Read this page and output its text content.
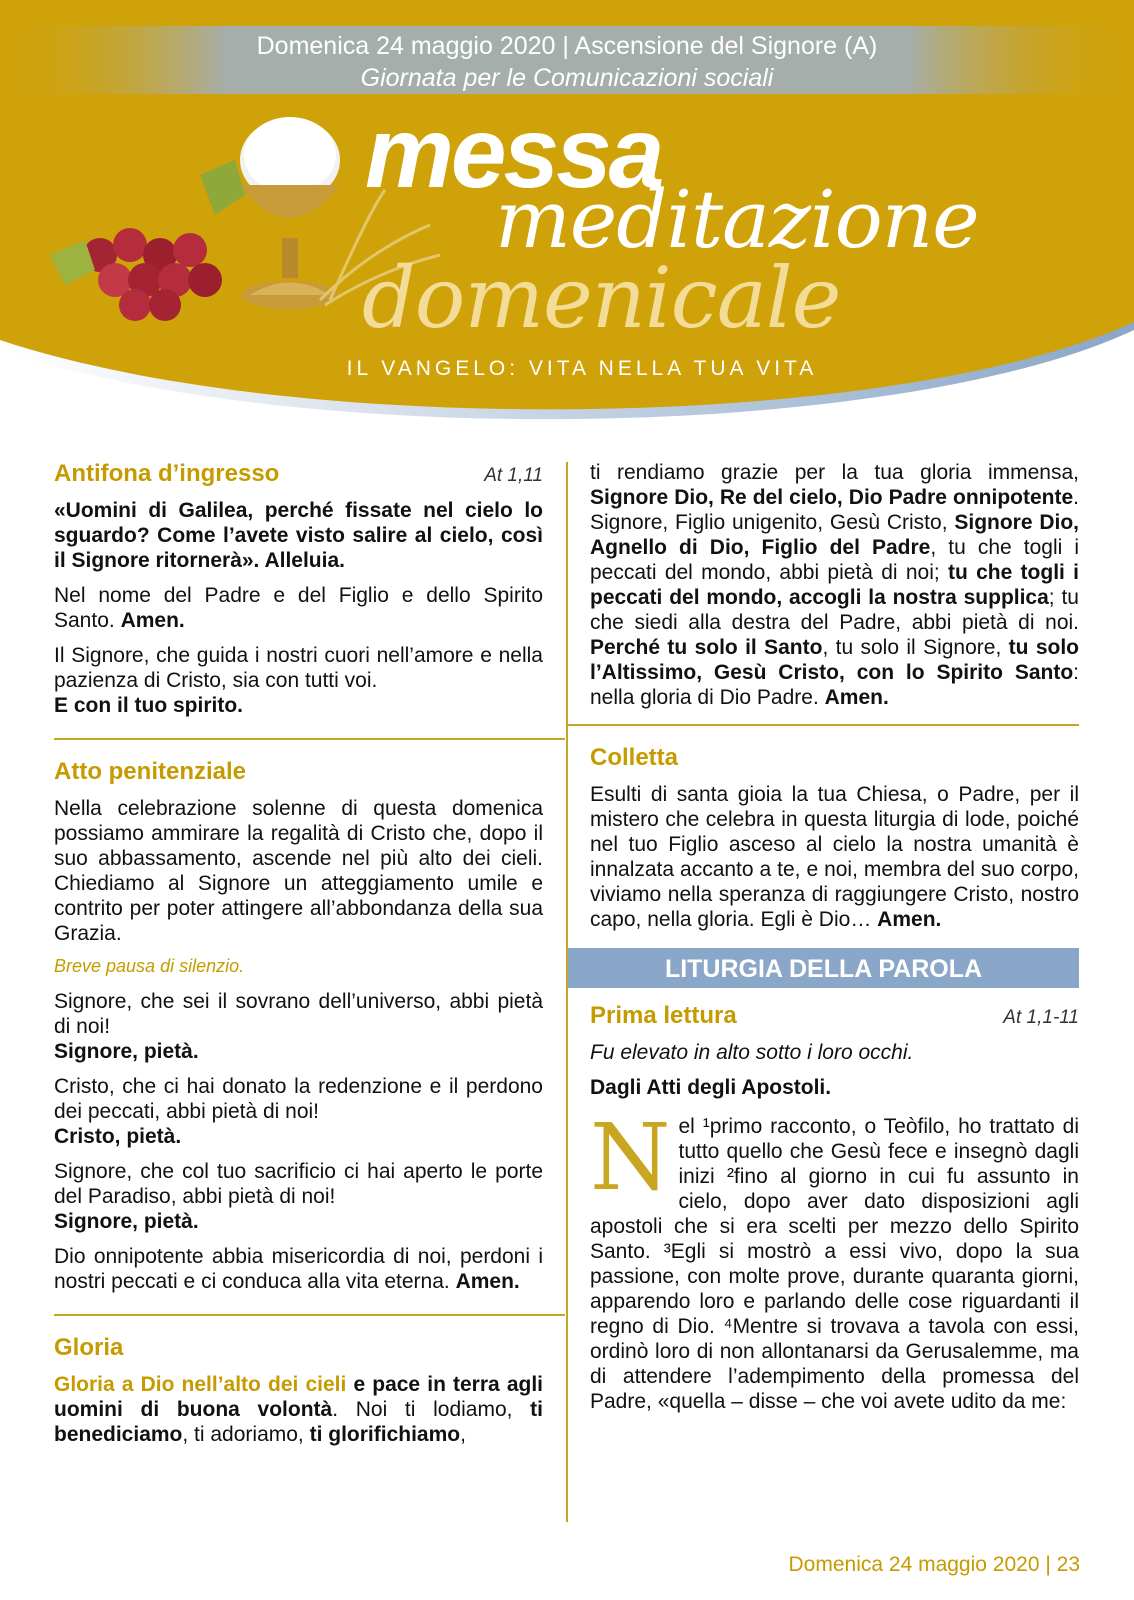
Domenica 24 maggio 2020 | Ascensione del Signore (A)
Giornata per le Comunicazioni sociali
messa
meditazione
domenicale
IL VANGELO: VITA NELLA TUA VITA
Antifona d’ingresso	At 1,11

«Uomini di Galilea, perché fissate nel cielo lo sguardo? Come l’avete visto salire al cielo, così il Signore ritornerà». Alleluia.

Nel nome del Padre e del Figlio e dello Spirito Santo. Amen.

Il Signore, che guida i nostri cuori nell’amore e nella pazienza di Cristo, sia con tutti voi.
E con il tuo spirito.

Atto penitenziale

Nella celebrazione solenne di questa domenica possiamo ammirare la regalità di Cristo che, dopo il suo abbassamento, ascende nel più alto dei cieli. Chiediamo al Signore un atteggiamento umile e contrito per poter attingere all’abbondanza della sua Grazia.

Breve pausa di silenzio.

Signore, che sei il sovrano dell’universo, abbi pietà di noi!
Signore, pietà.

Cristo, che ci hai donato la redenzione e il perdono dei peccati, abbi pietà di noi!
Cristo, pietà.

Signore, che col tuo sacrificio ci hai aperto le porte del Paradiso, abbi pietà di noi!
Signore, pietà.

Dio onnipotente abbia misericordia di noi, perdoni i nostri peccati e ci conduca alla vita eterna. Amen.

Gloria

Gloria a Dio nell’alto dei cieli e pace in terra agli uomini di buona volontà. Noi ti lodiamo, ti benediciamo, ti adoriamo, ti glorifichiamo,

ti rendiamo grazie per la tua gloria immensa, Signore Dio, Re del cielo, Dio Padre onnipotente. Signore, Figlio unigenito, Gesù Cristo, Signore Dio, Agnello di Dio, Figlio del Padre, tu che togli i peccati del mondo, abbi pietà di noi; tu che togli i peccati del mondo, accogli la nostra supplica; tu che siedi alla destra del Padre, abbi pietà di noi. Perché tu solo il Santo, tu solo il Signore, tu solo l’Altissimo, Gesù Cristo, con lo Spirito Santo: nella gloria di Dio Padre. Amen.

Colletta

Esulti di santa gioia la tua Chiesa, o Padre, per il mistero che celebra in questa liturgia di lode, poiché nel tuo Figlio asceso al cielo la nostra umanità è innalzata accanto a te, e noi, membra del suo corpo, viviamo nella speranza di raggiungere Cristo, nostro capo, nella gloria. Egli è Dio… Amen.

LITURGIA DELLA PAROLA
Prima lettura	At 1,1-11

Fu elevato in alto sotto i loro occhi.

Dagli Atti degli Apostoli.

Nel ¹primo racconto, o Teòfilo, ho trattato di tutto quello che Gesù fece e insegnò dagli inizi ²fino al giorno in cui fu assunto in cielo, dopo aver dato disposizioni agli apostoli che si era scelti per mezzo dello Spirito Santo. ³Egli si mostrò a essi vivo, dopo la sua passione, con molte prove, durante quaranta giorni, apparendo loro e parlando delle cose riguardanti il regno di Dio. ⁴Mentre si trovava a tavola con essi, ordinò loro di non allontanarsi da Gerusalemme, ma di attendere l’adempimento della promessa del Padre, «quella – disse – che voi avete udito da me:

Domenica 24 maggio 2020 | 23
